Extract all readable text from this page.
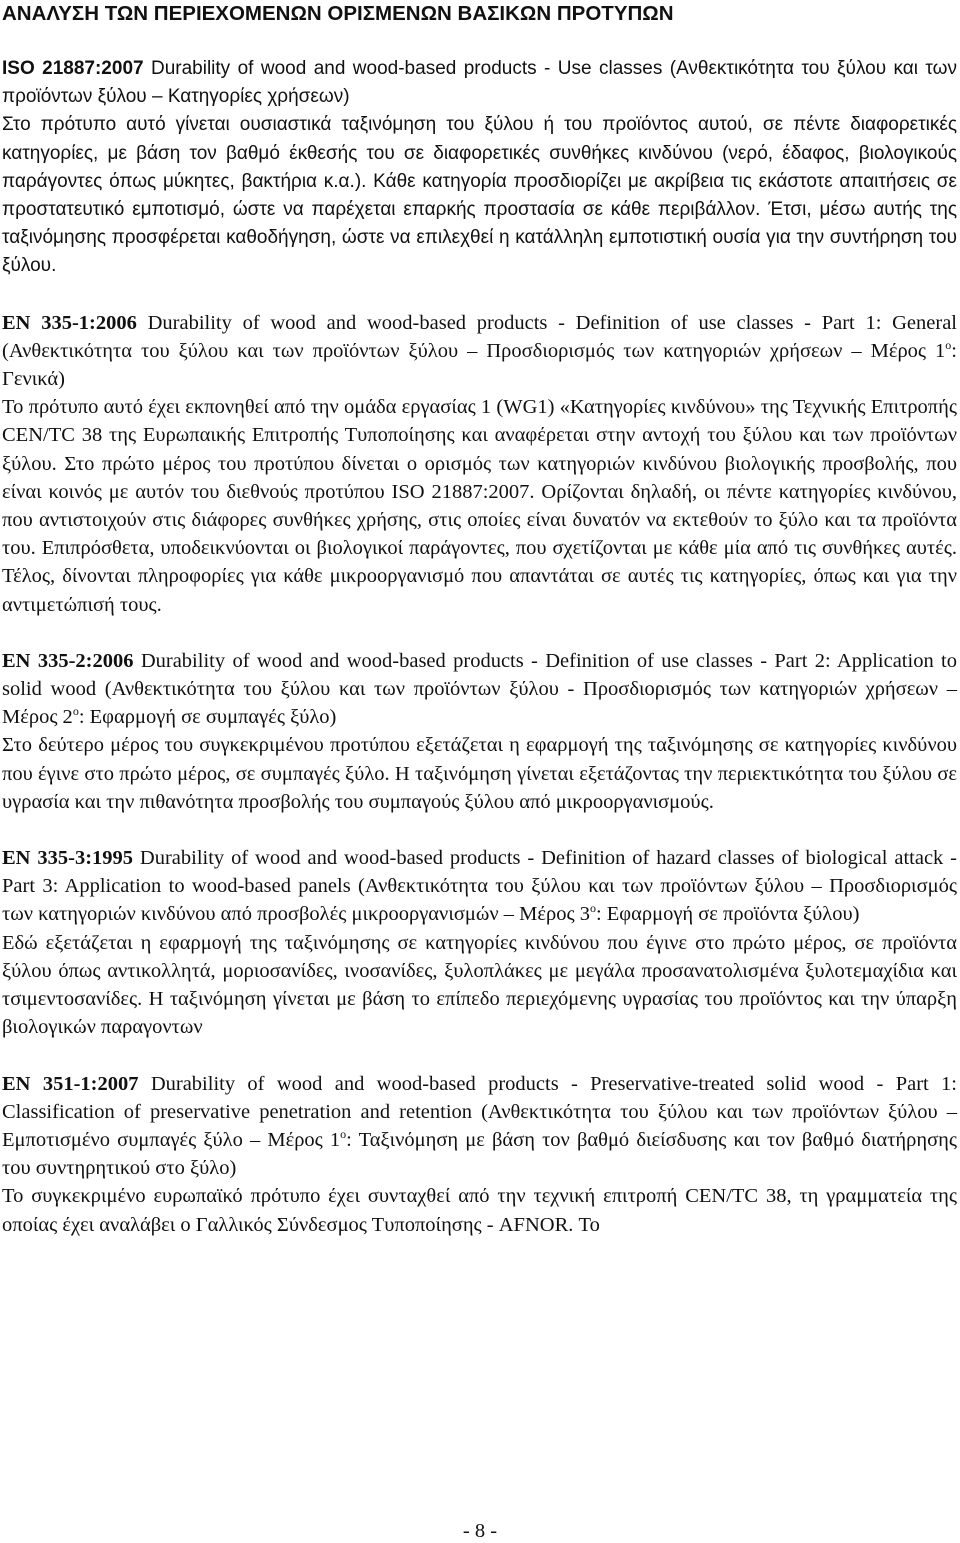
ΑΝΑΛΥΣΗ ΤΩΝ ΠΕΡΙΕΧΟΜΕΝΩΝ ΟΡΙΣΜΕΝΩΝ ΒΑΣΙΚΩΝ ΠΡΟΤΥΠΩΝ

ISO 21887:2007 Durability of wood and wood-based products - Use classes (Ανθεκτικότητα του ξύλου και των προϊόντων ξύλου – Κατηγορίες χρήσεων)

Στο πρότυπο αυτό γίνεται ουσιαστικά ταξινόμηση του ξύλου ή του προϊόντος αυτού, σε πέντε διαφορετικές κατηγορίες, με βάση τον βαθμό έκθεσής του σε διαφορετικές συνθήκες κινδύνου (νερό, έδαφος, βιολογικούς παράγοντες όπως μύκητες, βακτήρια κ.α.). Κάθε κατηγορία προσδιορίζει με ακρίβεια τις εκάστοτε απαιτήσεις σε προστατευτικό εμποτισμό, ώστε να παρέχεται επαρκής προστασία σε κάθε περιβάλλον. Έτσι, μέσω αυτής της ταξινόμησης προσφέρεται καθοδήγηση, ώστε να επιλεχθεί η κατάλληλη εμποτιστική ουσία για την συντήρηση του ξύλου.

EN 335-1:2006 Durability of wood and wood-based products - Definition of use classes - Part 1: General (Ανθεκτικότητα του ξύλου και των προϊόντων ξύλου – Προσδιορισμός των κατηγοριών χρήσεων – Μέρος $1^o$: Γενικά)

Το πρότυπο αυτό έχει εκπονηθεί από την ομάδα εργασίας 1 (WG1) «Κατηγορίες κινδύνου» της Τεχνικής Επιτροπής CEN/TC 38 της Ευρωπαικής Επιτροπής Τυποποίησης και αναφέρεται στην αντοχή του ξύλου και των προϊόντων ξύλου. Στο πρώτο μέρος του προτύπου δίνεται ο ορισμός των κατηγοριών κινδύνου βιολογικής προσβολής, που είναι κοινός με αυτόν του διεθνούς προτύπου ISO 21887:2007. Ορίζονται δηλαδή, οι πέντε κατηγορίες κινδύνου, που αντιστοιχούν στις διάφορες συνθήκες χρήσης, στις οποίες είναι δυνατόν να εκτεθούν το ξύλο και τα προϊόντα του. Επιπρόσθετα, υποδεικνύονται οι βιολογικοί παράγοντες, που σχετίζονται με κάθε μία από τις συνθήκες αυτές. Τέλος, δίνονται πληροφορίες για κάθε μικροοργανισμό που απαντάται σε αυτές τις κατηγορίες, όπως και για την αντιμετώπισή τους.

EN 335-2:2006 Durability of wood and wood-based products - Definition of use classes - Part 2: Application to solid wood (Ανθεκτικότητα του ξύλου και των προϊόντων ξύλου - Προσδιορισμός των κατηγοριών χρήσεων – Μέρος $2^o$: Εφαρμογή σε συμπαγές ξύλο)

Στο δεύτερο μέρος του συγκεκριμένου προτύπου εξετάζεται η εφαρμογή της ταξινόμησης σε κατηγορίες κινδύνου που έγινε στο πρώτο μέρος, σε συμπαγές ξύλο. Η ταξινόμηση γίνεται εξετάζοντας την περιεκτικότητα του ξύλου σε υγρασία και την πιθανότητα προσβολής του συμπαγούς ξύλου από μικροοργανισμούς.

EN 335-3:1995 Durability of wood and wood-based products - Definition of hazard classes of biological attack - Part 3: Application to wood-based panels (Ανθεκτικότητα του ξύλου και των προϊόντων ξύλου – Προσδιορισμός των κατηγοριών κινδύνου από προσβολές μικροοργανισμών – Μέρος $3^o$: Εφαρμογή σε προϊόντα ξύλου)

Εδώ εξετάζεται η εφαρμογή της ταξινόμησης σε κατηγορίες κινδύνου που έγινε στο πρώτο μέρος, σε προϊόντα ξύλου όπως αντικολλητά, μοριοσανίδες, ινοσανίδες, ξυλοπλάκες με μεγάλα προσανατολισμένα ξυλοτεμαχίδια και τσιμεντοσανίδες. Η ταξινόμηση γίνεται με βάση το επίπεδο περιεχόμενης υγρασίας του προϊόντος και την ύπαρξη βιολογικών παραγοντων

EN 351-1:2007 Durability of wood and wood-based products - Preservative-treated solid wood - Part 1: Classification of preservative penetration and retention (Ανθεκτικότητα του ξύλου και των προϊόντων ξύλου – Εμποτισμένο συμπαγές ξύλο – Μέρος $1^o$: Ταξινόμηση με βάση τον βαθμό διείσδυσης και τον βαθμό διατήρησης του συντηρητικού στο ξύλο)

Το συγκεκριμένο ευρωπαϊκό πρότυπο έχει συνταχθεί από την τεχνική επιτροπή CEN/TC 38, τη γραμματεία της οποίας έχει αναλάβει ο Γαλλικός Σύνδεσμος Τυποποίησης - AFNOR. Το

- 8 -
